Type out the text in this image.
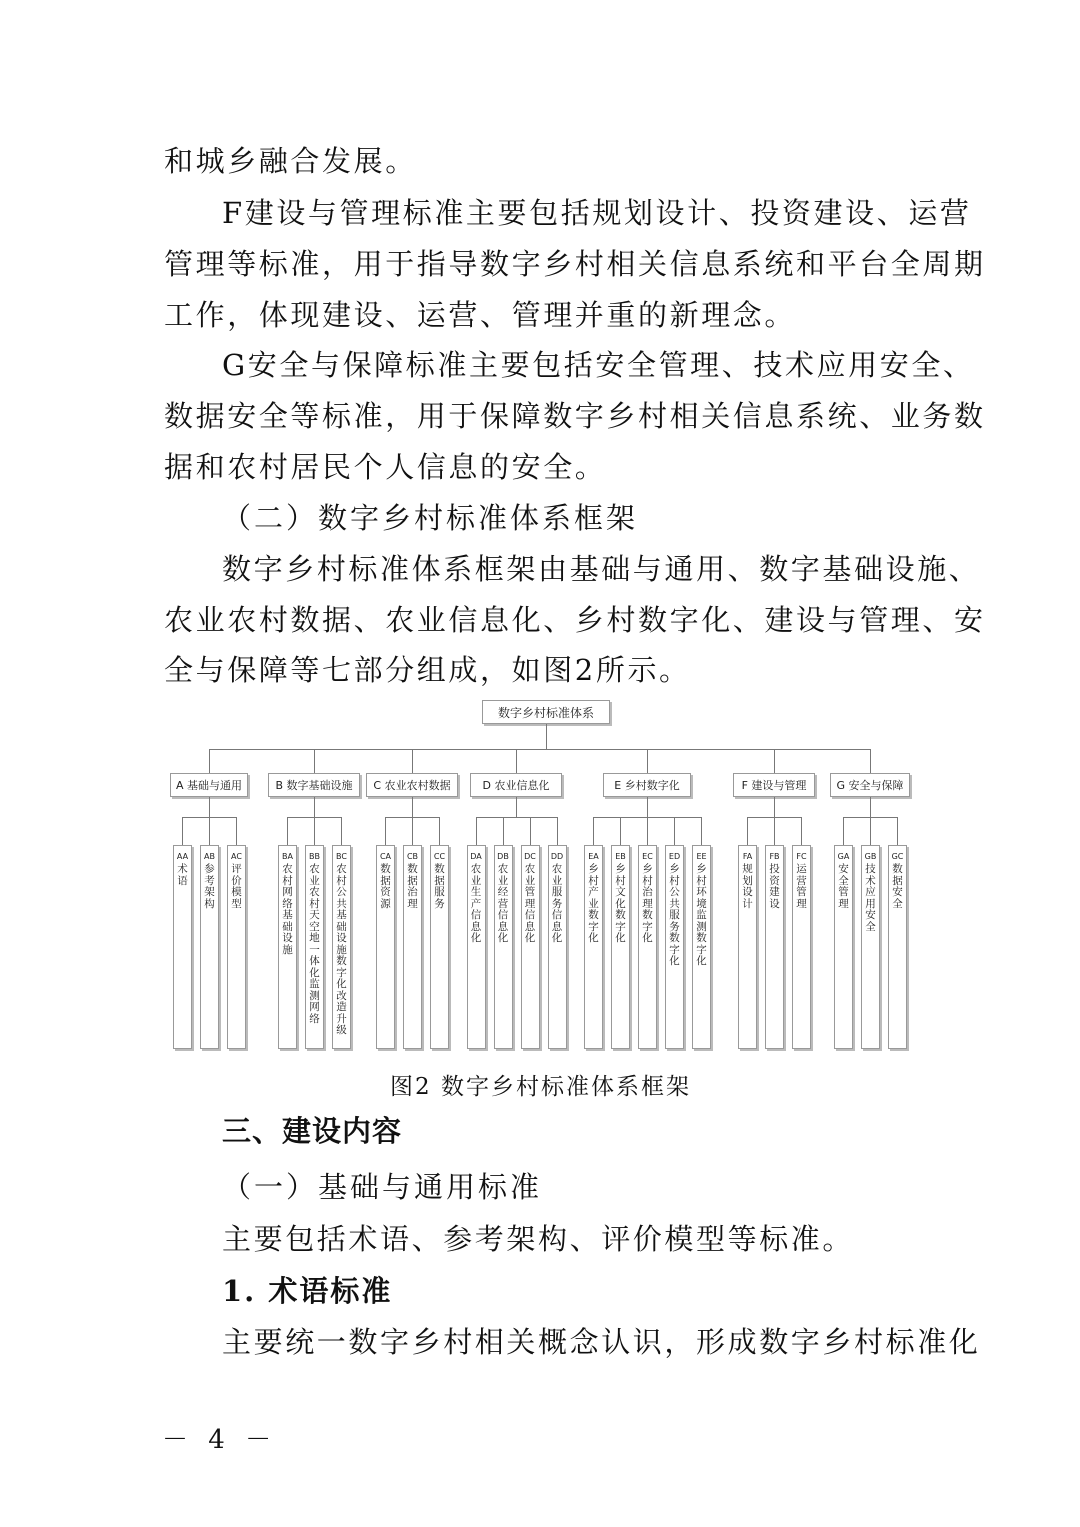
和城乡融合发展。
F建设与管理标准主要包括规划设计、投资建设、运营
管理等标准，用于指导数字乡村相关信息系统和平台全周期
工作，体现建设、运营、管理并重的新理念。
G安全与保障标准主要包括安全管理、技术应用安全、
数据安全等标准，用于保障数字乡村相关信息系统、业务数
据和农村居民个人信息的安全。
（二）数字乡村标准体系框架
数字乡村标准体系框架由基础与通用、数字基础设施、
农业农村数据、农业信息化、乡村数字化、建设与管理、安
全与保障等七部分组成，如图2所示。
数字乡村标准体系
A 基础与通用
AA
术语
AB
参考架构
AC
评价模型
B 数字基础设施
BA
农村网络基础设施
BB
农业农村天空地一体化监测网络
BC
农村公共基础设施数字化改造升级
C 农业农村数据
CA
数据资源
CB
数据治理
CC
数据服务
D 农业信息化
DA
农业生产信息化
DB
农业经营信息化
DC
农业管理信息化
DD
农业服务信息化
E 乡村数字化
EA
乡村产业数字化
EB
乡村文化数字化
EC
乡村治理数字化
ED
乡村公共服务数字化
EE
乡村环境监测数字化
F 建设与管理
FA
规划设计
FB
投资建设
FC
运营管理
G 安全与保障
GA
安全管理
GB
技术应用安全
GC
数据安全
图2 数字乡村标准体系框架
三、建设内容
（一）基础与通用标准
主要包括术语、参考架构、评价模型等标准。
1. 术语标准
主要统一数字乡村相关概念认识，形成数字乡村标准化
－ 4 －
